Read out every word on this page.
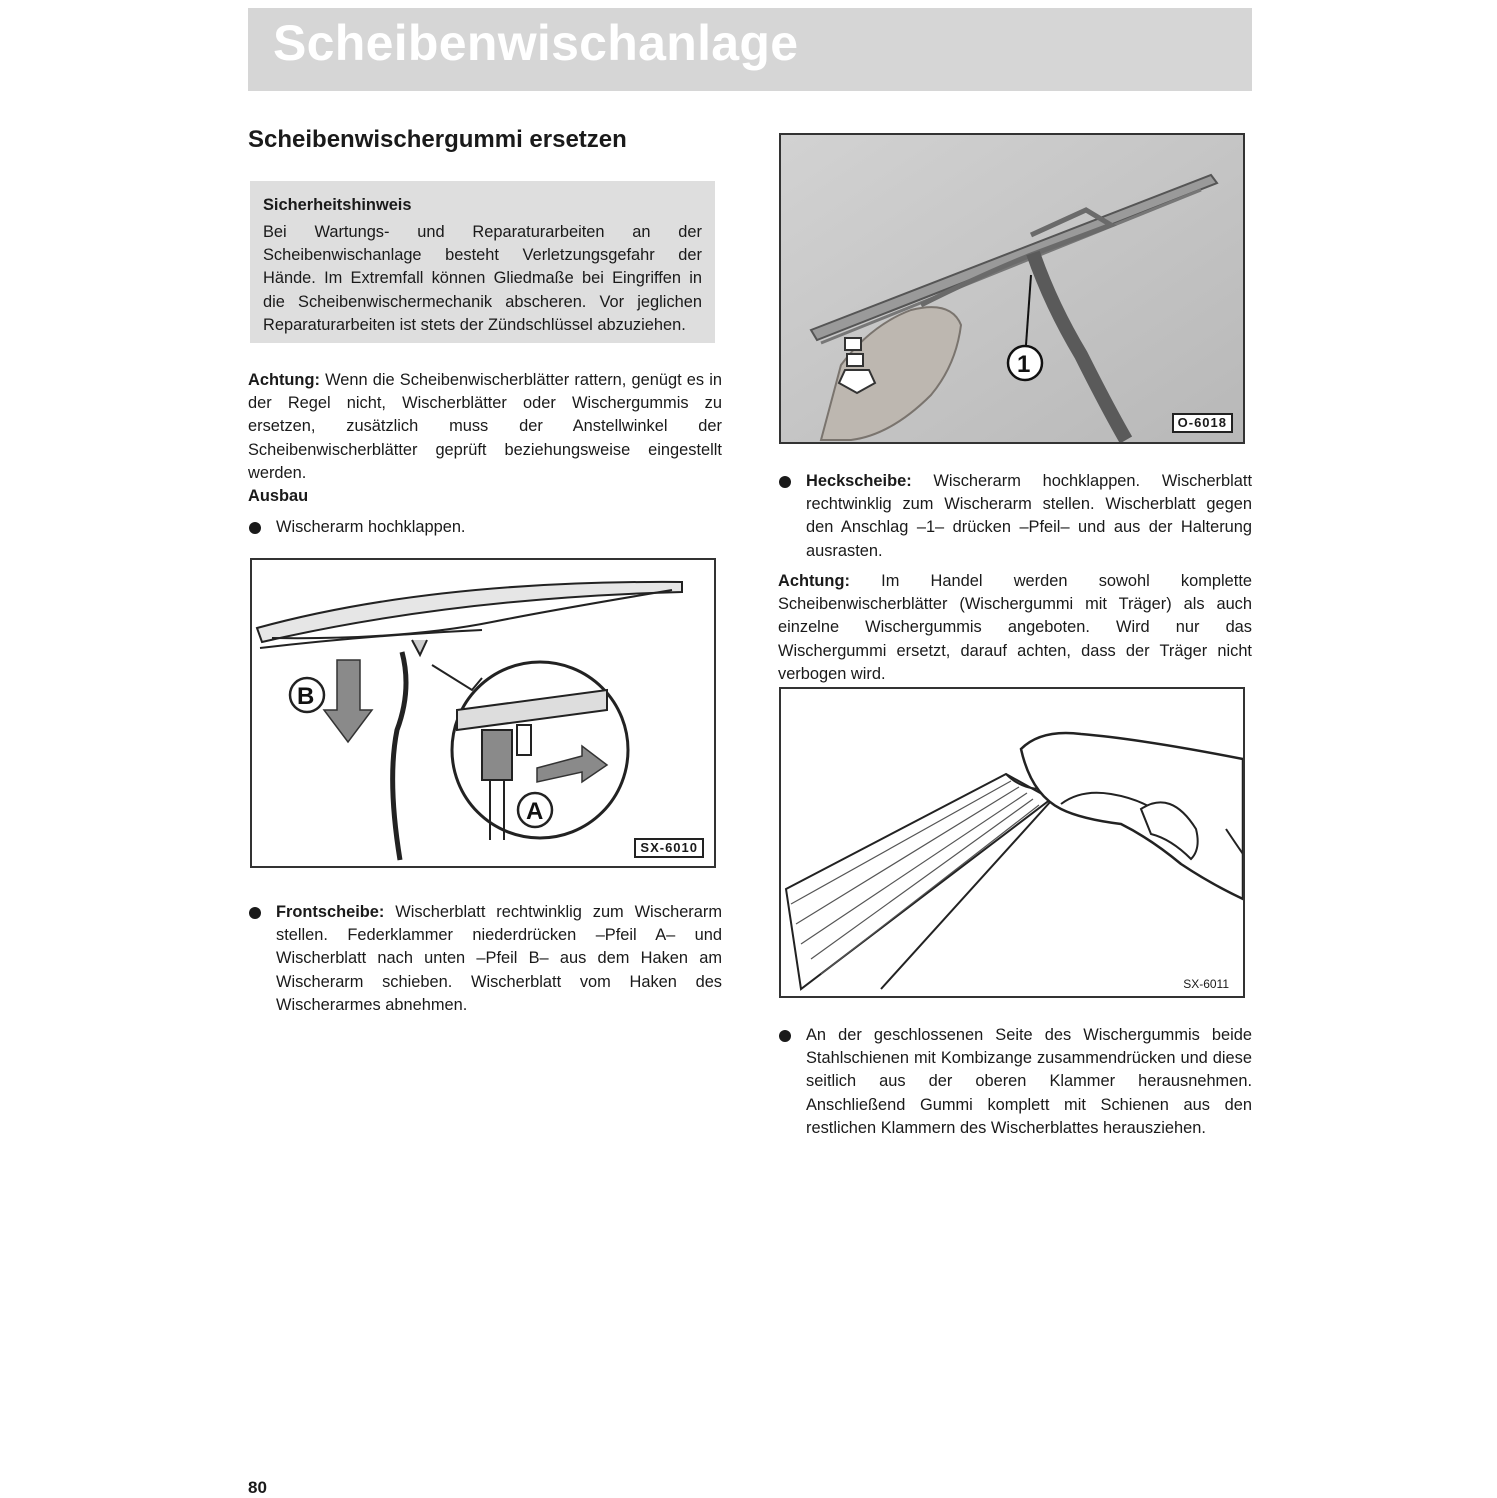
Scheibenwischanlage
Scheibenwischergummi ersetzen
Sicherheitshinweis
Bei Wartungs- und Reparaturarbeiten an der Scheibenwischanlage besteht Verletzungsgefahr der Hände. Im Extremfall können Gliedmaße bei Eingriffen in die Scheibenwischermechanik abscheren. Vor jeglichen Reparaturarbeiten ist stets der Zündschlüssel abzuziehen.
Achtung: Wenn die Scheibenwischerblätter rattern, genügt es in der Regel nicht, Wischerblätter oder Wischergummis zu ersetzen, zusätzlich muss der Anstellwinkel der Scheibenwischerblätter geprüft beziehungsweise eingestellt werden.
Ausbau
Wischerarm hochklappen.
B
A
SX-6010
Frontscheibe: Wischerblatt rechtwinklig zum Wischerarm stellen. Federklammer niederdrücken –Pfeil A– und Wischerblatt nach unten –Pfeil B– aus dem Haken am Wischerarm schieben. Wischerblatt vom Haken des Wischerarmes abnehmen.
1
O-6018
Heckscheibe: Wischerarm hochklappen. Wischerblatt rechtwinklig zum Wischerarm stellen. Wischerblatt gegen den Anschlag –1– drücken –Pfeil– und aus der Halterung ausrasten.
Achtung: Im Handel werden sowohl komplette Scheibenwischerblätter (Wischergummi mit Träger) als auch einzelne Wischergummis angeboten. Wird nur das Wischergummi ersetzt, darauf achten, dass der Träger nicht verbogen wird.
SX-6011
An der geschlossenen Seite des Wischergummis beide Stahlschienen mit Kombizange zusammendrücken und diese seitlich aus der oberen Klammer herausnehmen. Anschließend Gummi komplett mit Schienen aus den restlichen Klammern des Wischerblattes herausziehen.
80
